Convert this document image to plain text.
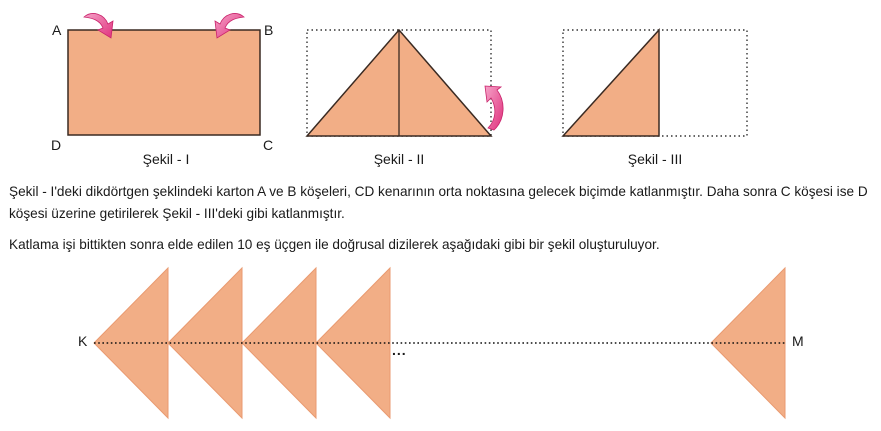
A	B
D	C
Şekil - I	Şekil - II	Şekil - III
Şekil - I'deki dikdörtgen şeklindeki karton A ve B köşeleri, CD kenarının orta noktasına gelecek biçimde katlanmıştır. Daha sonra C köşesi ise D köşesi üzerine getirilerek Şekil - III'deki gibi katlanmıştır.
Katlama işi bittikten sonra elde edilen 10 eş üçgen ile doğrusal dizilerek aşağıdaki gibi bir şekil oluşturuluyor.
K	M
...
